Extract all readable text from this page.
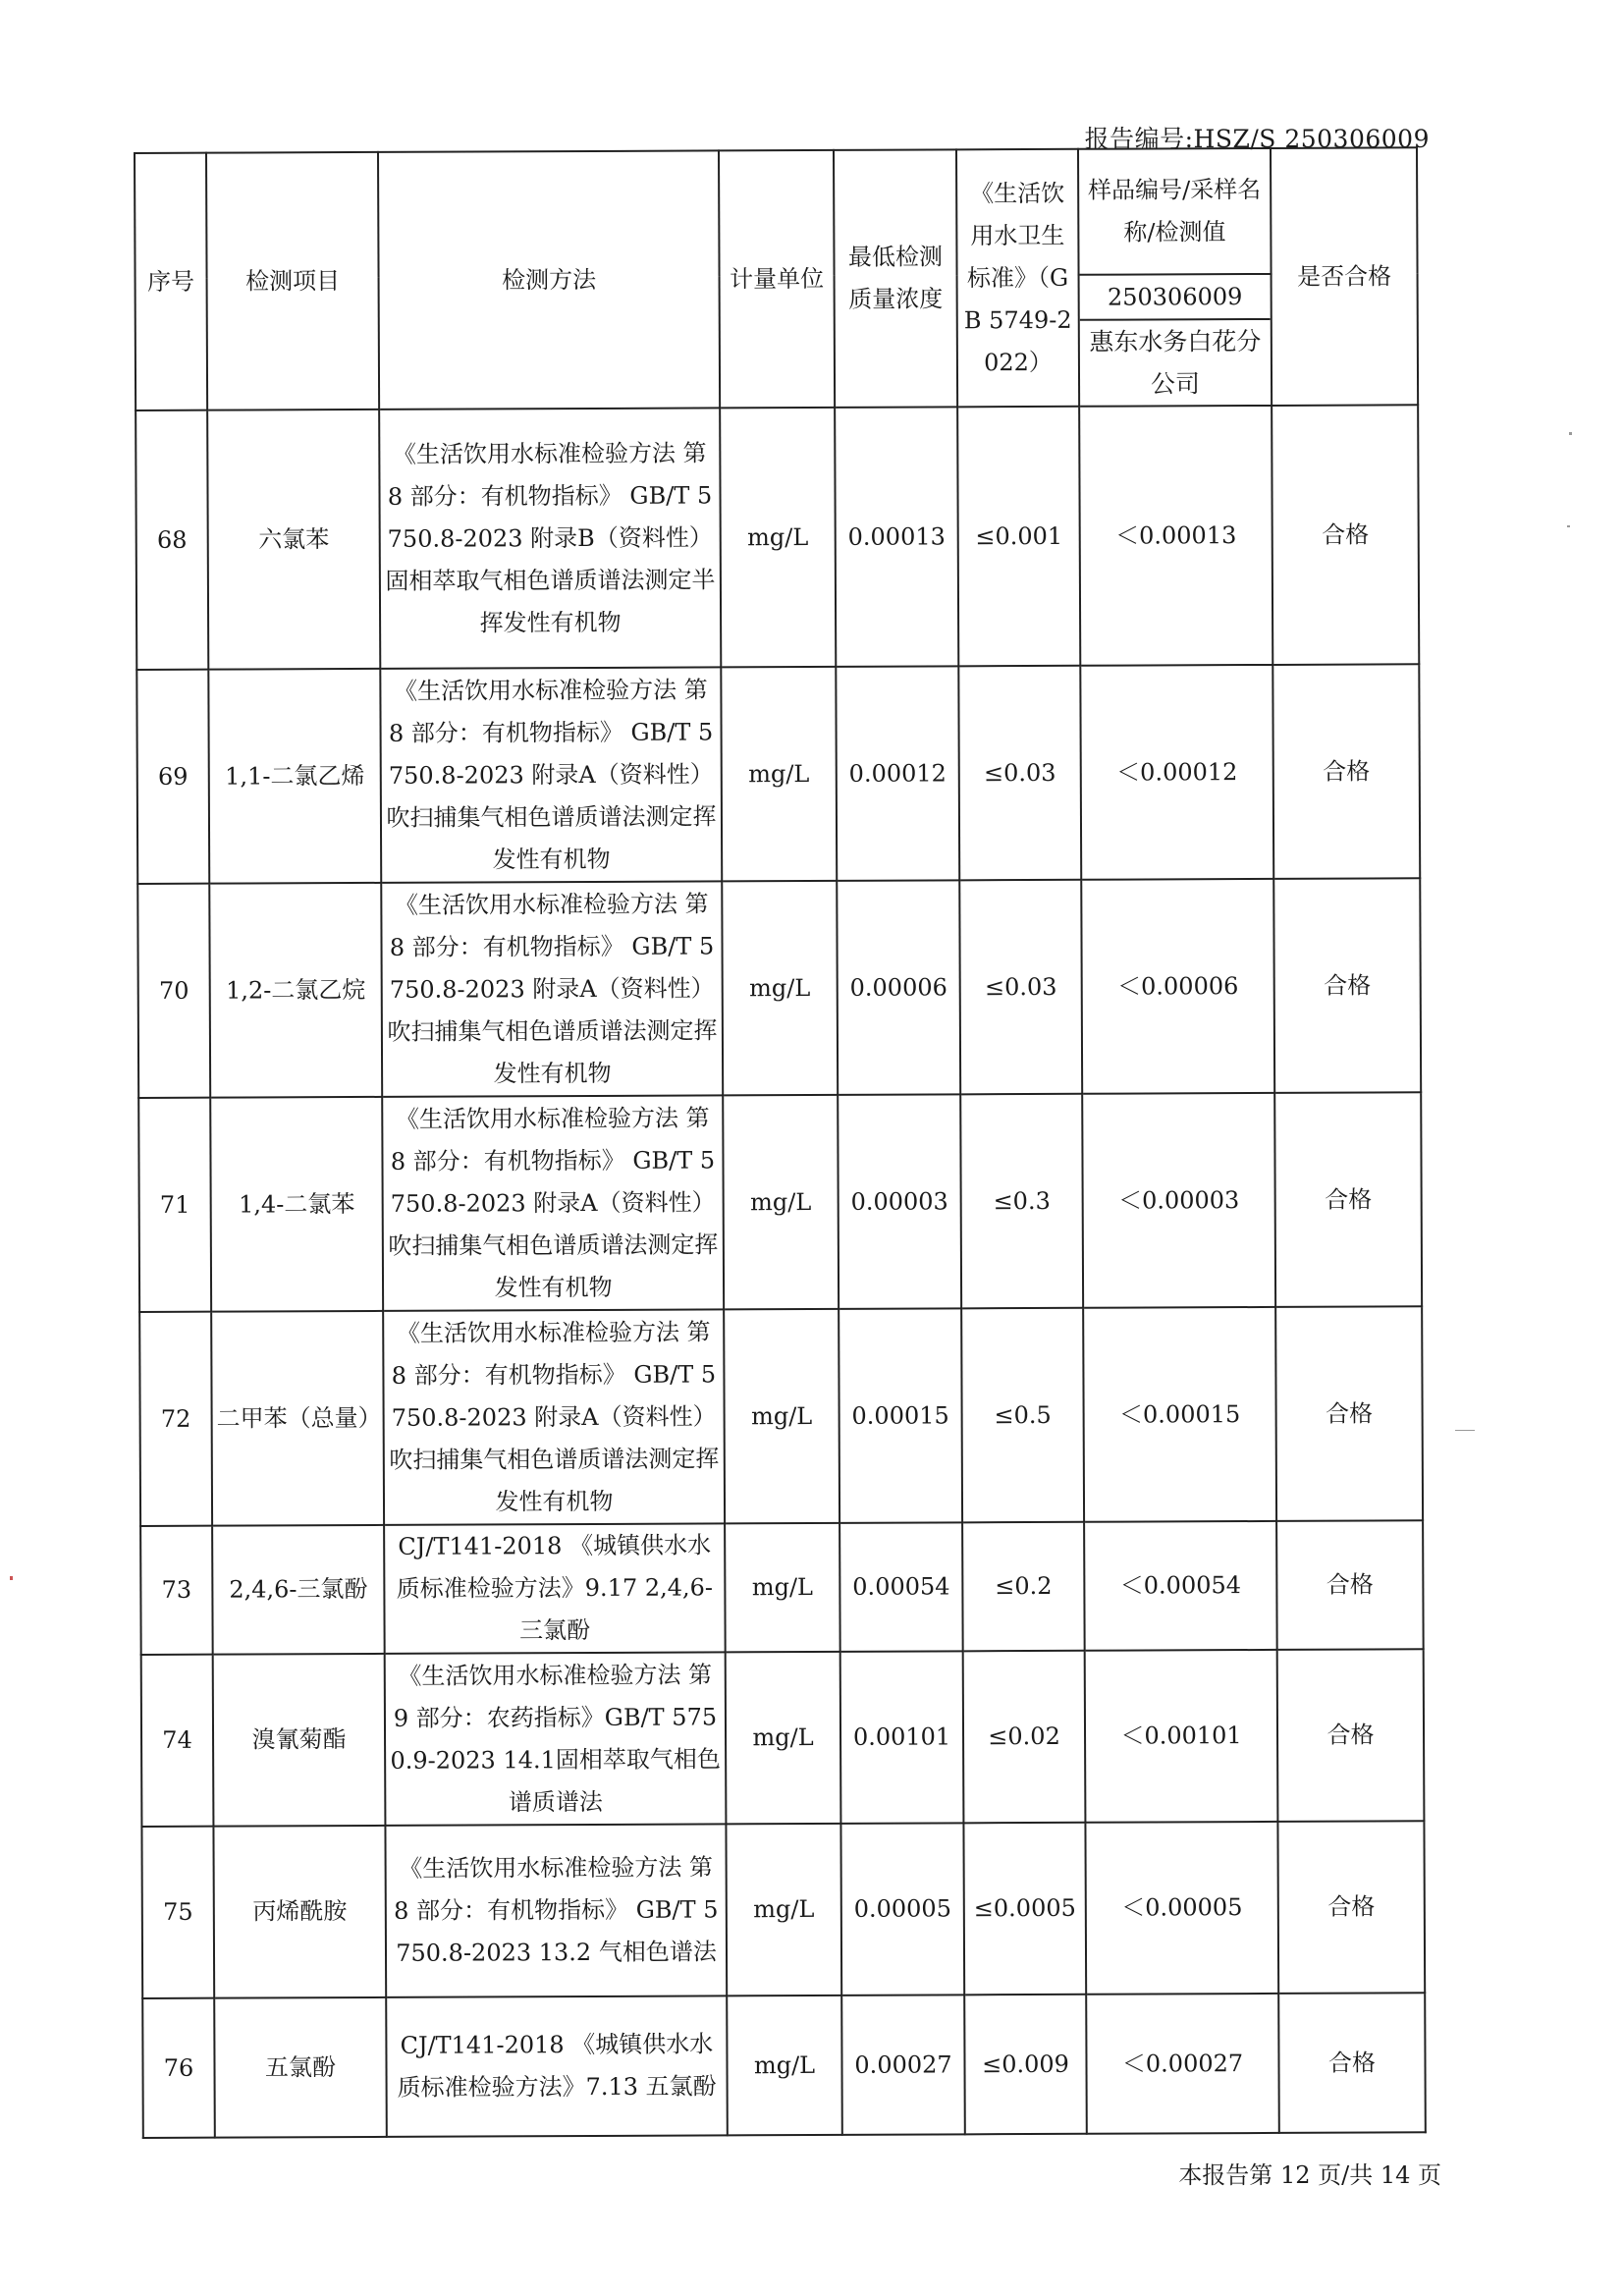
报告编号:HSZ/S 250306009
序号	检测项目	检测方法	计量单位	最低检测质量浓度	《生活饮用水卫生标准》（GB 5749-2022）	样品编号/采样名称/检测值	是否合格

						250306009
惠东水务白花分公司	

68	六氯苯	《生活饮用水标准检验方法 第 8 部分：有机物指标》 GB/T 5750.8-2023 附录B（资料性） 固相萃取气相色谱质谱法测定半挥发性有机物	mg/L	0.00013	≤0.001	＜0.00013	合格
69	1,1-二氯乙烯	《生活饮用水标准检验方法 第 8 部分：有机物指标》 GB/T 5750.8-2023 附录A（资料性）吹扫捕集气相色谱质谱法测定挥发性有机物	mg/L	0.00012	≤0.03	＜0.00012	合格
70	1,2-二氯乙烷	《生活饮用水标准检验方法 第 8 部分：有机物指标》 GB/T 5750.8-2023 附录A（资料性）吹扫捕集气相色谱质谱法测定挥发性有机物	mg/L	0.00006	≤0.03	＜0.00006	合格
71	1,4-二氯苯	《生活饮用水标准检验方法 第 8 部分：有机物指标》 GB/T 5750.8-2023 附录A（资料性）吹扫捕集气相色谱质谱法测定挥发性有机物	mg/L	0.00003	≤0.3	＜0.00003	合格
72	二甲苯（总量）	《生活饮用水标准检验方法 第 8 部分：有机物指标》 GB/T 5750.8-2023 附录A（资料性）吹扫捕集气相色谱质谱法测定挥发性有机物	mg/L	0.00015	≤0.5	＜0.00015	合格
73	2,4,6-三氯酚	CJ/T141-2018 《城镇供水水质标准检验方法》9.17 2,4,6-三氯酚	mg/L	0.00054	≤0.2	＜0.00054	合格
74	溴氰菊酯	《生活饮用水标准检验方法 第 9 部分：农药指标》GB/T 5750.9-2023 14.1固相萃取气相色谱质谱法	mg/L	0.00101	≤0.02	＜0.00101	合格
75	丙烯酰胺	《生活饮用水标准检验方法 第 8 部分：有机物指标》 GB/T 5750.8-2023 13.2 气相色谱法	mg/L	0.00005	≤0.0005	＜0.00005	合格
76	五氯酚	CJ/T141-2018 《城镇供水水质标准检验方法》7.13 五氯酚	mg/L	0.00027	≤0.009	＜0.00027	合格
本报告第 12 页/共 14 页
